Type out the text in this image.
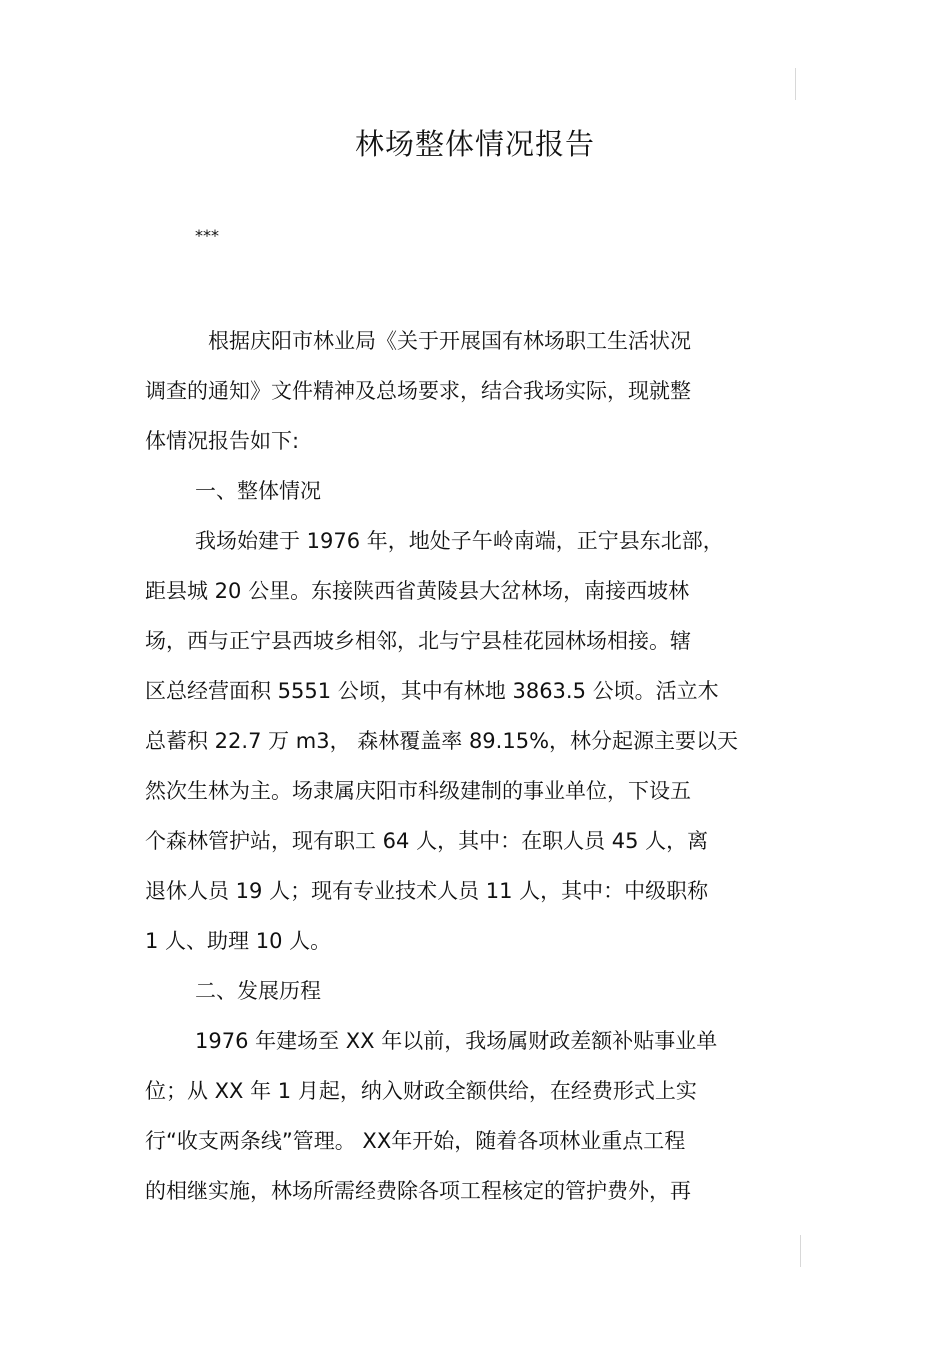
林场整体情况报告
***
根据庆阳市林业局《关于开展国有林场职工生活状况
调查的通知》文件精神及总场要求，结合我场实际，现就整
体情况报告如下:
一、整体情况
我场始建于 1976 年，地处子午岭南端，正宁县东北部，
距县城 20 公里。东接陕西省黄陵县大岔林场，南接西坡林
场，西与正宁县西坡乡相邻，北与宁县桂花园林场相接。辖
区总经营面积 5551 公顷，其中有林地 3863.5 公顷。活立木
总蓄积 22.7 万 m3， 森林覆盖率 89.15%，林分起源主要以天
然次生林为主。场隶属庆阳市科级建制的事业单位，下设五
个森林管护站，现有职工 64 人，其中：在职人员 45 人，离
退休人员 19 人；现有专业技术人员 11 人，其中：中级职称
1 人、助理 10 人。
二、发展历程
1976 年建场至 XX 年以前，我场属财政差额补贴事业单
位；从 XX 年 1 月起，纳入财政全额供给，在经费形式上实
行“收支两条线”管理。 XX年开始，随着各项林业重点工程
的相继实施，林场所需经费除各项工程核定的管护费外，再
